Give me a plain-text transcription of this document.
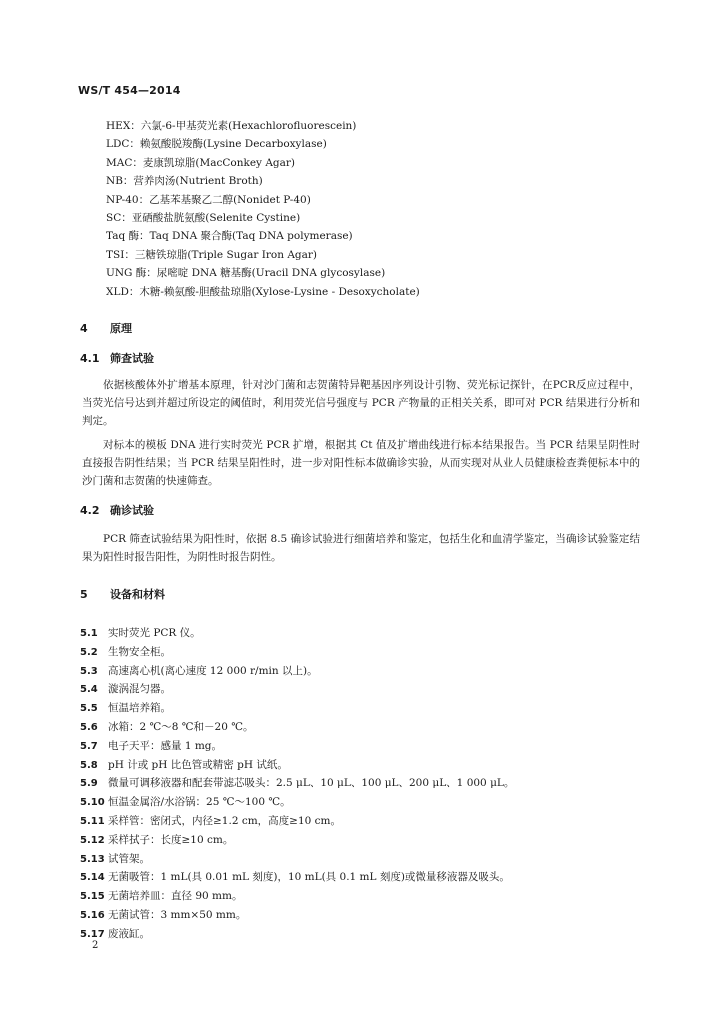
WS/T 454—2014
HEX：六氯-6-甲基荧光素(Hexachlorofluorescein)
LDC：赖氨酸脱羧酶(Lysine Decarboxylase)
MAC：麦康凯琼脂(MacConkey Agar)
NB：营养肉汤(Nutrient Broth)
NP-40：乙基苯基聚乙二醇(Nonidet P-40)
SC：亚硒酸盐胱氨酸(Selenite Cystine)
Taq 酶：Taq DNA 聚合酶(Taq DNA polymerase)
TSI：三糖铁琼脂(Triple Sugar Iron Agar)
UNG 酶：尿嘧啶 DNA 糖基酶(Uracil DNA glycosylase)
XLD：木糖-赖氨酸-胆酸盐琼脂(Xylose-Lysine - Desoxycholate)
4 原理
4.1 筛查试验

依据核酸体外扩增基本原理，针对沙门菌和志贺菌特异靶基因序列设计引物、荧光标记探针，在PCR反应过程中，当荧光信号达到并超过所设定的阈值时，利用荧光信号强度与 PCR 产物量的正相关关系，即可对 PCR 结果进行分析和判定。

对标本的模板 DNA 进行实时荧光 PCR 扩增，根据其 Ct 值及扩增曲线进行标本结果报告。当 PCR 结果呈阴性时直接报告阴性结果；当 PCR 结果呈阳性时，进一步对阳性标本做确诊实验，从而实现对从业人员健康检查粪便标本中的沙门菌和志贺菌的快速筛查。

4.2 确诊试验

PCR 筛查试验结果为阳性时，依据 8.5 确诊试验进行细菌培养和鉴定，包括生化和血清学鉴定，当确诊试验鉴定结果为阳性时报告阳性，为阴性时报告阴性。

5 设备和材料
5.1 实时荧光 PCR 仪。
5.2 生物安全柜。
5.3 高速离心机(离心速度 12 000 r/min 以上)。
5.4 漩涡混匀器。
5.5 恒温培养箱。
5.6 冰箱：2 ℃～8 ℃和－20 ℃。
5.7 电子天平：感量 1 mg。
5.8 pH 计或 pH 比色管或精密 pH 试纸。
5.9 微量可调移液器和配套带滤芯吸头：2.5 μL、10 μL、100 μL、200 μL、1 000 μL。
5.10 恒温金属浴/水浴锅：25 ℃～100 ℃。
5.11 采样管：密闭式，内径≥1.2 cm，高度≥10 cm。
5.12 采样拭子：长度≥10 cm。
5.13 试管架。
5.14 无菌吸管：1 mL(具 0.01 mL 刻度)，10 mL(具 0.1 mL 刻度)或微量移液器及吸头。
5.15 无菌培养皿：直径 90 mm。
5.16 无菌试管：3 mm×50 mm。
5.17 废液缸。
2
